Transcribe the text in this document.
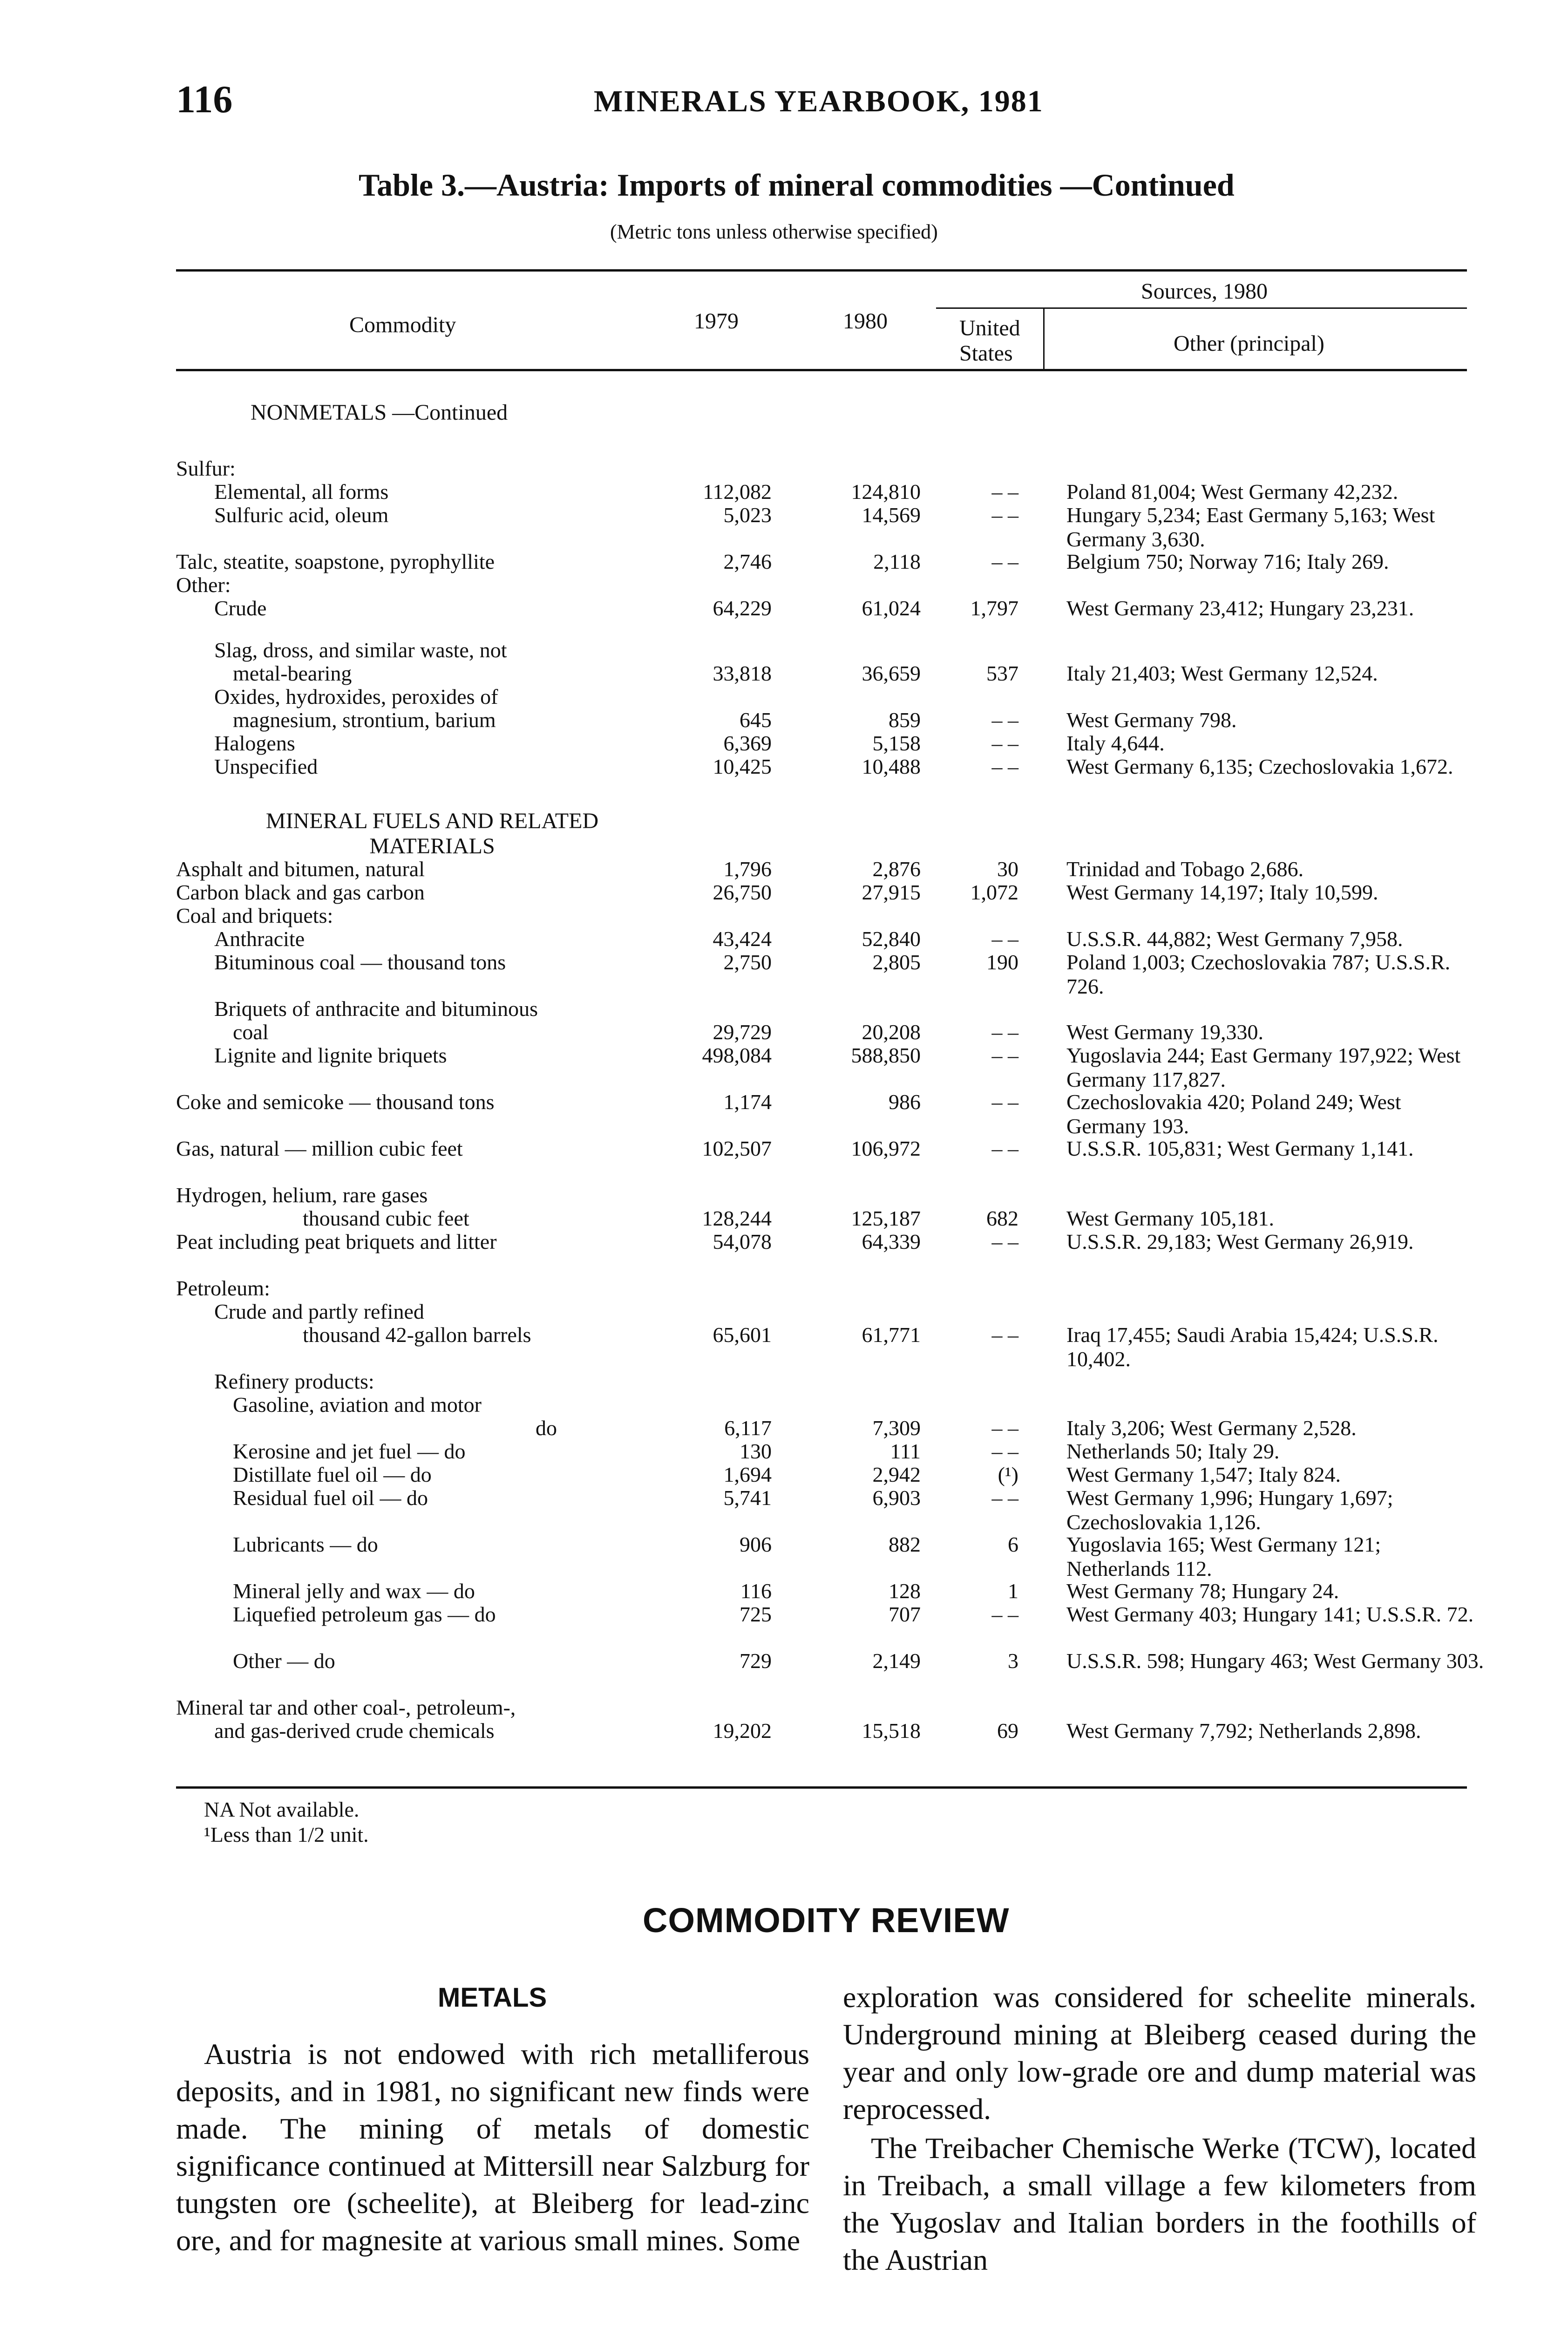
116	MINERALS YEARBOOK, 1981
Table 3.—Austria: Imports of mineral commodities —Continued
(Metric tons unless otherwise specified)
Commodity	1979	1980
Sources, 1980
United States	Other (principal)
NONMETALS —Continued
MINERAL FUELS AND RELATED MATERIALS
Sulfur:
Elemental, all forms	112,082	124,810	– – Poland 81,004; West Germany 42,232.
Sulfuric acid, oleum	5,023	14,569	– – Hungary 5,234; East Germany 5,163; West Germany 3,630.
Talc, steatite, soapstone, pyrophyllite	2,746	2,118	– – Belgium 750; Norway 716; Italy 269.
Other:
Crude	64,229	61,024 1,797 West Germany 23,412; Hungary 23,231.
Slag, dross, and similar waste, not
metal-bearing	33,818	36,659	537 Italy 21,403; West Germany 12,524.
Oxides, hydroxides, peroxides of
magnesium, strontium, barium	645	859	– – West Germany 798.
Halogens	6,369	5,158	– – Italy 4,644.
Unspecified	10,425	10,488	– – West Germany 6,135; Czechoslovakia 1,672.
Asphalt and bitumen, natural	1,796	2,876	30 Trinidad and Tobago 2,686.
Carbon black and gas carbon	26,750	27,915 1,072 West Germany 14,197; Italy 10,599.
Coal and briquets:
Anthracite	43,424	52,840	– – U.S.S.R. 44,882; West Germany 7,958.
Bituminous coal — thousand tons	2,750	2,805	190 Poland 1,003; Czechoslovakia 787; U.S.S.R. 726.
Briquets of anthracite and bituminous
coal	29,729	20,208	– – West Germany 19,330.
Lignite and lignite briquets	498,084	588,850	– – Yugoslavia 244; East Germany 197,922; West Germany 117,827.
Coke and semicoke — thousand tons	1,174	986	– – Czechoslovakia 420; Poland 249; West Germany 193.
Gas, natural — million cubic feet	102,507	106,972	– – U.S.S.R. 105,831; West Germany 1,141.
Hydrogen, helium, rare gases
thousand cubic feet	128,244	125,187	682 West Germany 105,181.
Peat including peat briquets and litter	54,078	64,339	– – U.S.S.R. 29,183; West Germany 26,919.
Petroleum:
Crude and partly refined
thousand 42-gallon barrels	65,601	61,771	– – Iraq 17,455; Saudi Arabia 15,424; U.S.S.R. 10,402.
Refinery products:
Gasoline, aviation and motor
do	6,117	7,309	– – Italy 3,206; West Germany 2,528.
Kerosine and jet fuel — do	130	111	– – Netherlands 50; Italy 29.
Distillate fuel oil — do	1,694	2,942	(¹) West Germany 1,547; Italy 824.
Residual fuel oil — do	5,741	6,903	– – West Germany 1,996; Hungary 1,697; Czechoslovakia 1,126.
Lubricants — do	906	882	6 Yugoslavia 165; West Germany 121; Netherlands 112.
Mineral jelly and wax — do	116	128	1 West Germany 78; Hungary 24.
Liquefied petroleum gas — do	725	707	– – West Germany 403; Hungary 141; U.S.S.R. 72.
Other — do	729	2,149	3 U.S.S.R. 598; Hungary 463; West Germany 303.
Mineral tar and other coal-, petroleum-,
and gas-derived crude chemicals	19,202	15,518	69 West Germany 7,792; Netherlands 2,898.
NA Not available.
¹Less than 1/2 unit.
COMMODITY REVIEW
METALS
Austria is not endowed with rich metalliferous deposits, and in 1981, no significant new finds were made. The mining of metals of domestic significance continued at Mittersill near Salzburg for tungsten ore (scheelite), at Bleiberg for lead-zinc ore, and for magnesite at various small mines. Some
exploration was considered for scheelite minerals. Underground mining at Bleiberg ceased during the year and only low-grade ore and dump material was reprocessed.
The Treibacher Chemische Werke (TCW), located in Treibach, a small village a few kilometers from the Yugoslav and Italian borders in the foothills of the Austrian
